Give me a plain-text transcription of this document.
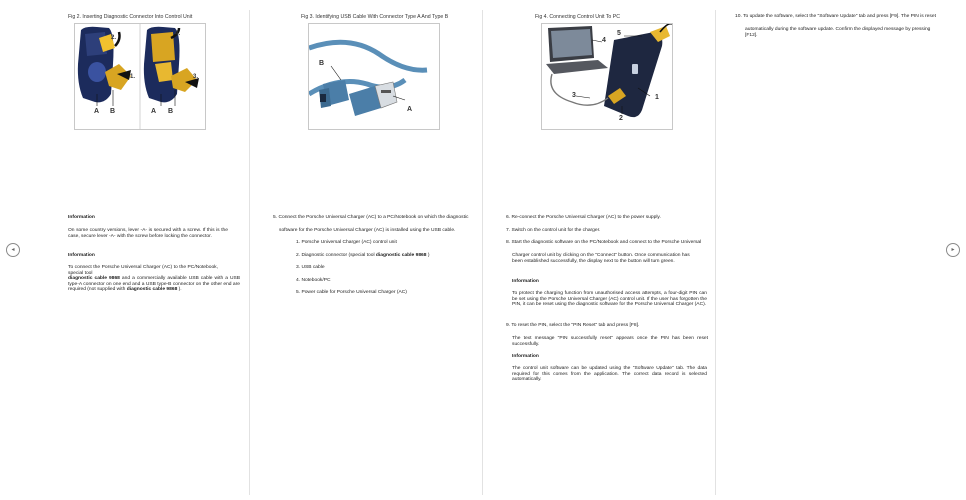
◂	▸
Fig 2. Inserting Diagnostic Connector Into Control Unit
2.
1.
A B
4.
3.
A B
Information
On some country versions, lever -A- is secured with a screw. If this is the case, secure lever -A- with the screw before locking the connector.
Information
To connect the Porsche Universal Charger (AC) to the PC/Notebook, special tool
diagnostic cable 9868 and a commercially available USB cable with a USB type-A connector on one end and a USB type-B connector on the other end are required (not supplied with diagnostic cable 9868 ).
Fig 3. Identifying USB Cable With Connector Type A And Type B
B
A
5. Connect the Porsche Universal Charger (AC) to a PC/Notebook on which the diagnostic
software for the Porsche Universal Charger (AC) is installed using the USB cable.
1. Porsche Universal Charger (AC) control unit
2. Diagnostic connector (special tool diagnostic cable 9868 )
3. USB cable
4. Notebook/PC
5. Power cable for Porsche Universal Charger (AC)
Fig 4. Connecting Control Unit To PC
5
4
3	1
2
6. Re-connect the Porsche Universal Charger (AC) to the power supply.
7. Switch on the control unit for the charger.
8. Start the diagnostic software on the PC/Notebook and connect to the Porsche Universal
Charger control unit by clicking on the "Connect" button. Once communication has been established successfully, the display next to the button will turn green.
Information
To protect the charging function from unauthorised access attempts, a four-digit PIN can be set using the Porsche Universal Charger (AC) control unit. If the user has forgotten the PIN, it can be reset using the diagnostic software for the Porsche Universal Charger (AC).
9. To reset the PIN, select the "PIN Reset" tab and press [F8].
The text message "PIN successfully reset" appears once the PIN has been reset successfully.
Information
The control unit software can be updated using the "Software Update" tab. The data required for this comes from the application. The correct data record is selected automatically.
10. To update the software, select the "Software Update" tab and press [F9]. The PIN is reset
automatically during the software update. Confirm the displayed message by pressing [F12].
